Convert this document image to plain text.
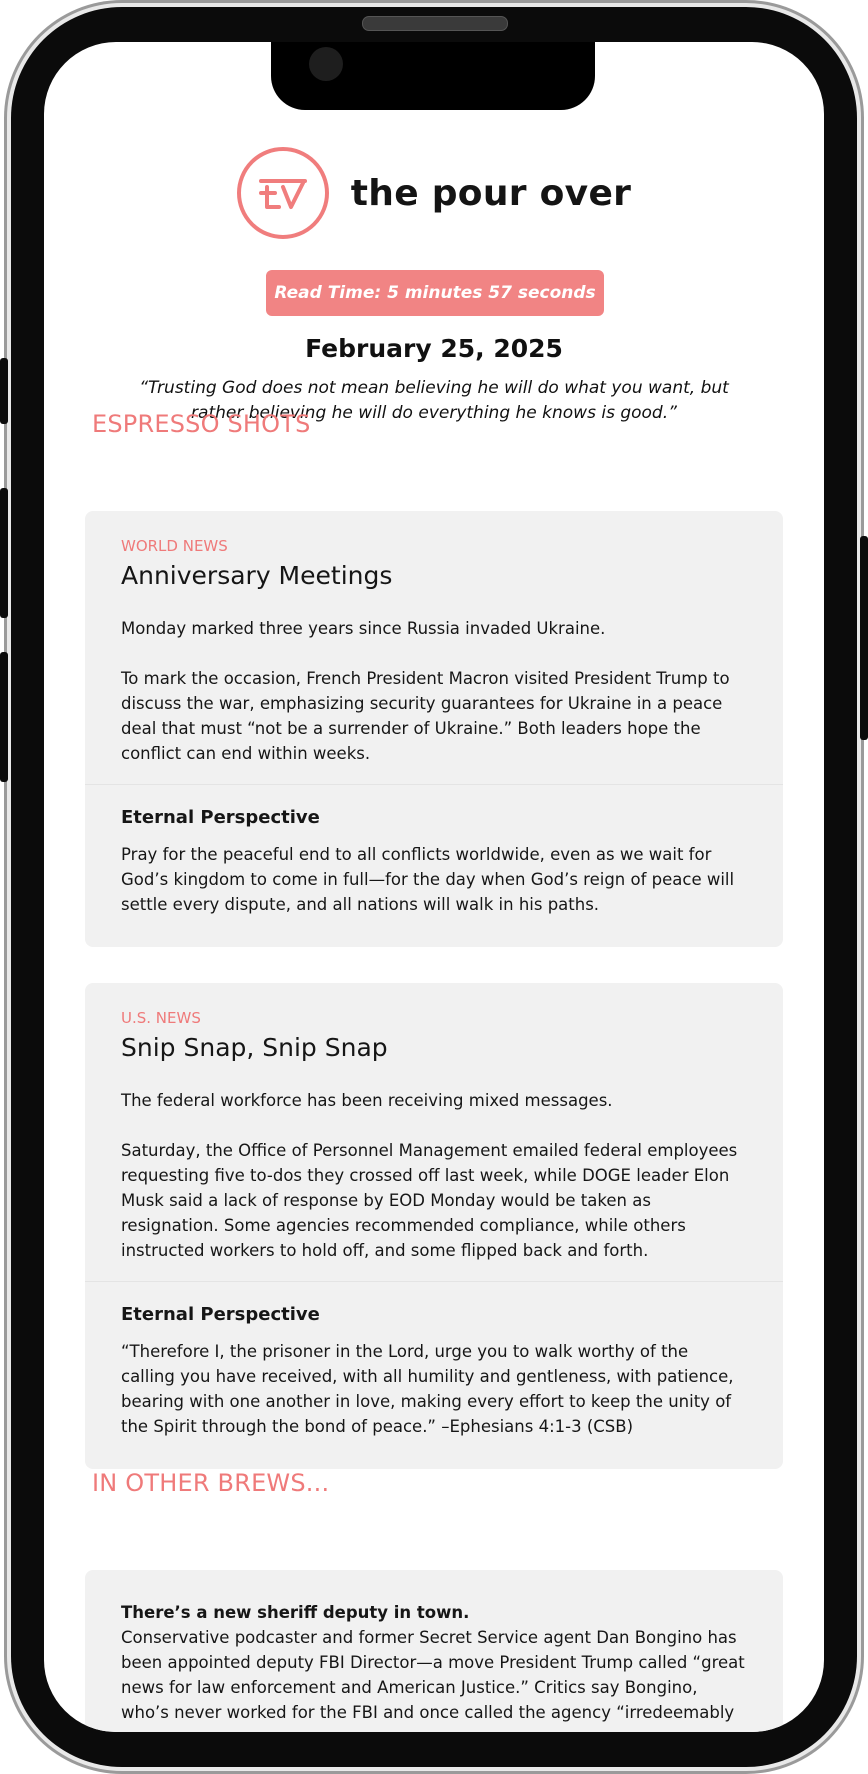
the pour over
Read Time: 5 minutes 57 seconds
February 25, 2025
“Trusting God does not mean believing he will do what you want, but rather believing he will do everything he knows is good.”
ESPRESSO SHOTS
WORLD NEWS
Anniversary Meetings

Monday marked three years since Russia invaded Ukraine.

To mark the occasion, French President Macron visited President Trump to discuss the war, emphasizing security guarantees for Ukraine in a peace deal that must “not be a surrender of Ukraine.” Both leaders hope the conflict can end within weeks.

Eternal Perspective
Pray for the peaceful end to all conflicts worldwide, even as we wait for God’s kingdom to come in full—for the day when God’s reign of peace will settle every dispute, and all nations will walk in his paths.
U.S. NEWS
Snip Snap, Snip Snap

The federal workforce has been receiving mixed messages.

Saturday, the Office of Personnel Management emailed federal employees requesting five to-dos they crossed off last week, while DOGE leader Elon Musk said a lack of response by EOD Monday would be taken as resignation. Some agencies recommended compliance, while others instructed workers to hold off, and some flipped back and forth.

Eternal Perspective
“Therefore I, the prisoner in the Lord, urge you to walk worthy of the calling you have received, with all humility and gentleness, with patience, bearing with one another in love, making every effort to keep the unity of the Spirit through the bond of peace.” –Ephesians 4:1-3 (CSB)
IN OTHER BREWS...
There’s a new sheriff deputy in town.
Conservative podcaster and former Secret Service agent Dan Bongino has been appointed deputy FBI Director—a move President Trump called “great news for law enforcement and American Justice.” Critics say Bongino, who’s never worked for the FBI and once called the agency “irredeemably
